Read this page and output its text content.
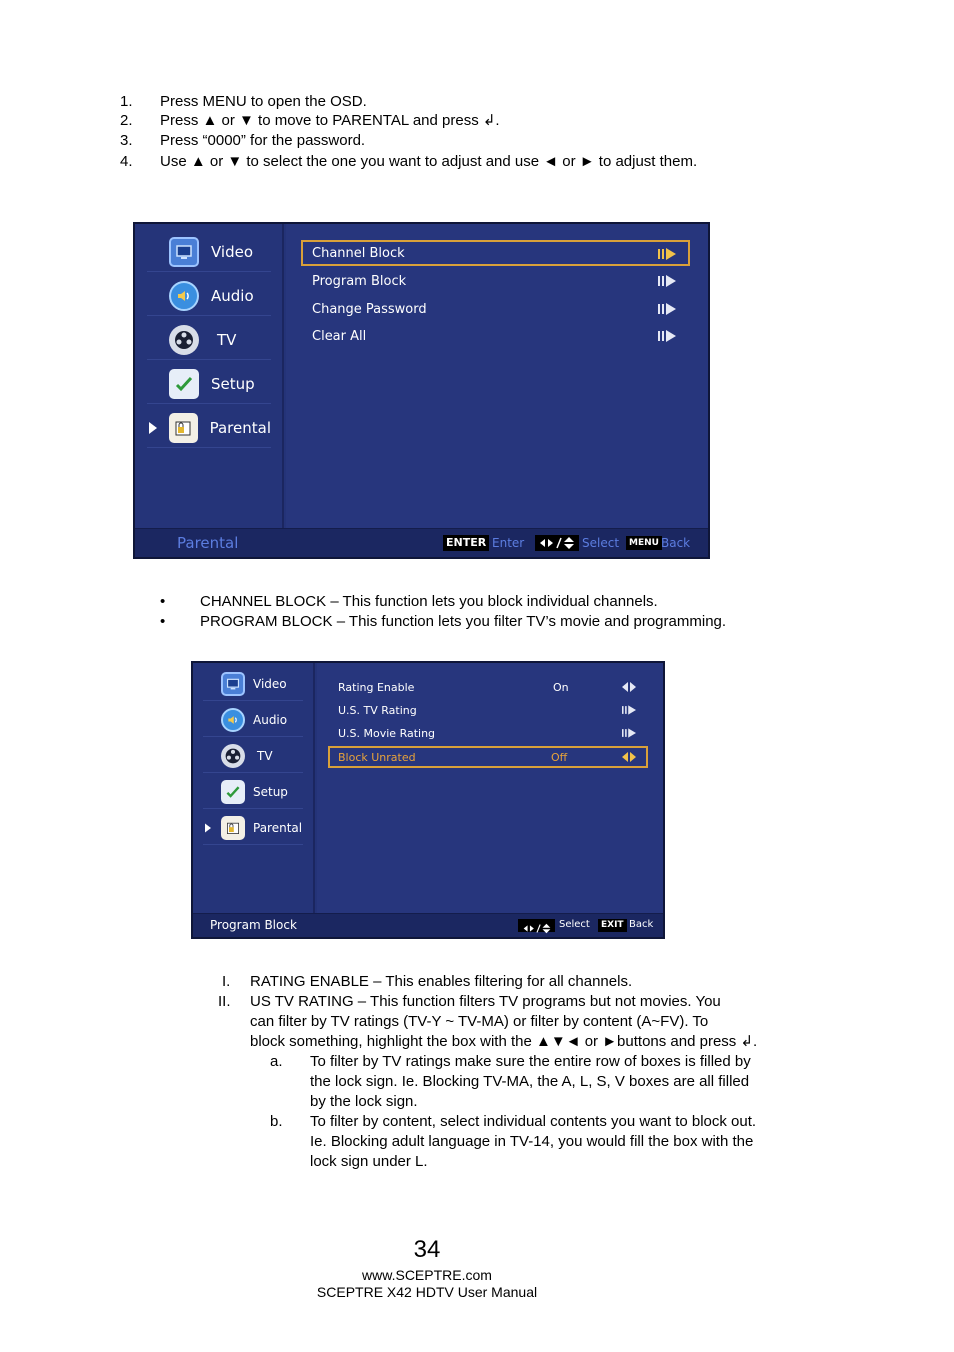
1. Press MENU to open the OSD.
2. Press ▲ or ▼ to move to PARENTAL and press ↲.
3. Press “0000” for the password.
4. Use ▲ or ▼ to select the one you want to adjust and use ◄ or ► to adjust them.
Video
Audio
TV
Setup
Parental
Channel Block
Program Block
Change Password
Clear All
Parental	ENTER Enter	Select	MENU Back
• CHANNEL BLOCK – This function lets you block individual channels.
• PROGRAM BLOCK – This function lets you filter TV’s movie and programming.
Video
Audio
TV
Setup
Parental
Rating Enable	On
U.S. TV Rating
U.S. Movie Rating
Block Unrated	Off
Program Block	Select	EXIT Back
I. RATING ENABLE – This enables filtering for all channels.
II. US TV RATING – This function filters TV programs but not movies. You
can filter by TV ratings (TV-Y ~ TV-MA) or filter by content (A~FV). To
block something, highlight the box with the ▲▼◄ or ►buttons and press ↲.
a. To filter by TV ratings make sure the entire row of boxes is filled by
the lock sign. Ie. Blocking TV-MA, the A, L, S, V boxes are all filled
by the lock sign.
b. To filter by content, select individual contents you want to block out.
Ie. Blocking adult language in TV-14, you would fill the box with the
lock sign under L.
34
www.SCEPTRE.com
SCEPTRE X42 HDTV User Manual
